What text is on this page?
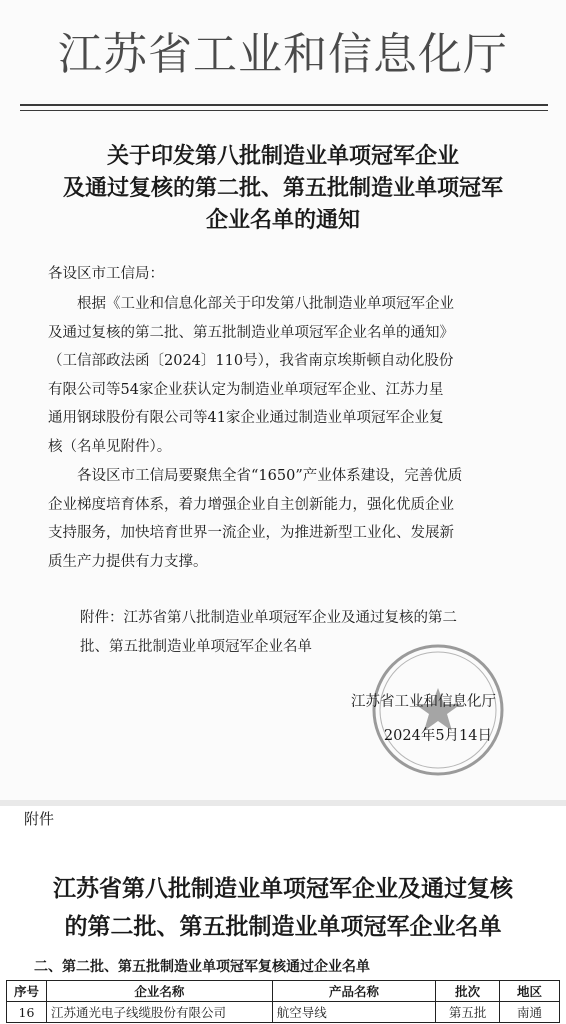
江苏省工业和信息化厅
关于印发第八批制造业单项冠军企业
及通过复核的第二批、第五批制造业单项冠军
企业名单的通知
各设区市工信局：
根据《工业和信息化部关于印发第八批制造业单项冠军企业
及通过复核的第二批、第五批制造业单项冠军企业名单的通知》
（工信部政法函〔2024〕110号），我省南京埃斯顿自动化股份
有限公司等54家企业获认定为制造业单项冠军企业、江苏力星
通用钢球股份有限公司等41家企业通过制造业单项冠军企业复
核（名单见附件）。
各设区市工信局要聚焦全省“1650”产业体系建设，完善优质
企业梯度培育体系，着力增强企业自主创新能力，强化优质企业
支持服务，加快培育世界一流企业，为推进新型工业化、发展新
质生产力提供有力支撑。
附件：江苏省第八批制造业单项冠军企业及通过复核的第二
批、第五批制造业单项冠军企业名单
江苏省工业和信息化厅
2024年5月14日
附件
江苏省第八批制造业单项冠军企业及通过复核
的第二批、第五批制造业单项冠军企业名单
二、第二批、第五批制造业单项冠军复核通过企业名单
序号	企业名称	产品名称	批次	地区
16	江苏通光电子线缆股份有限公司	航空导线	第五批	南通
